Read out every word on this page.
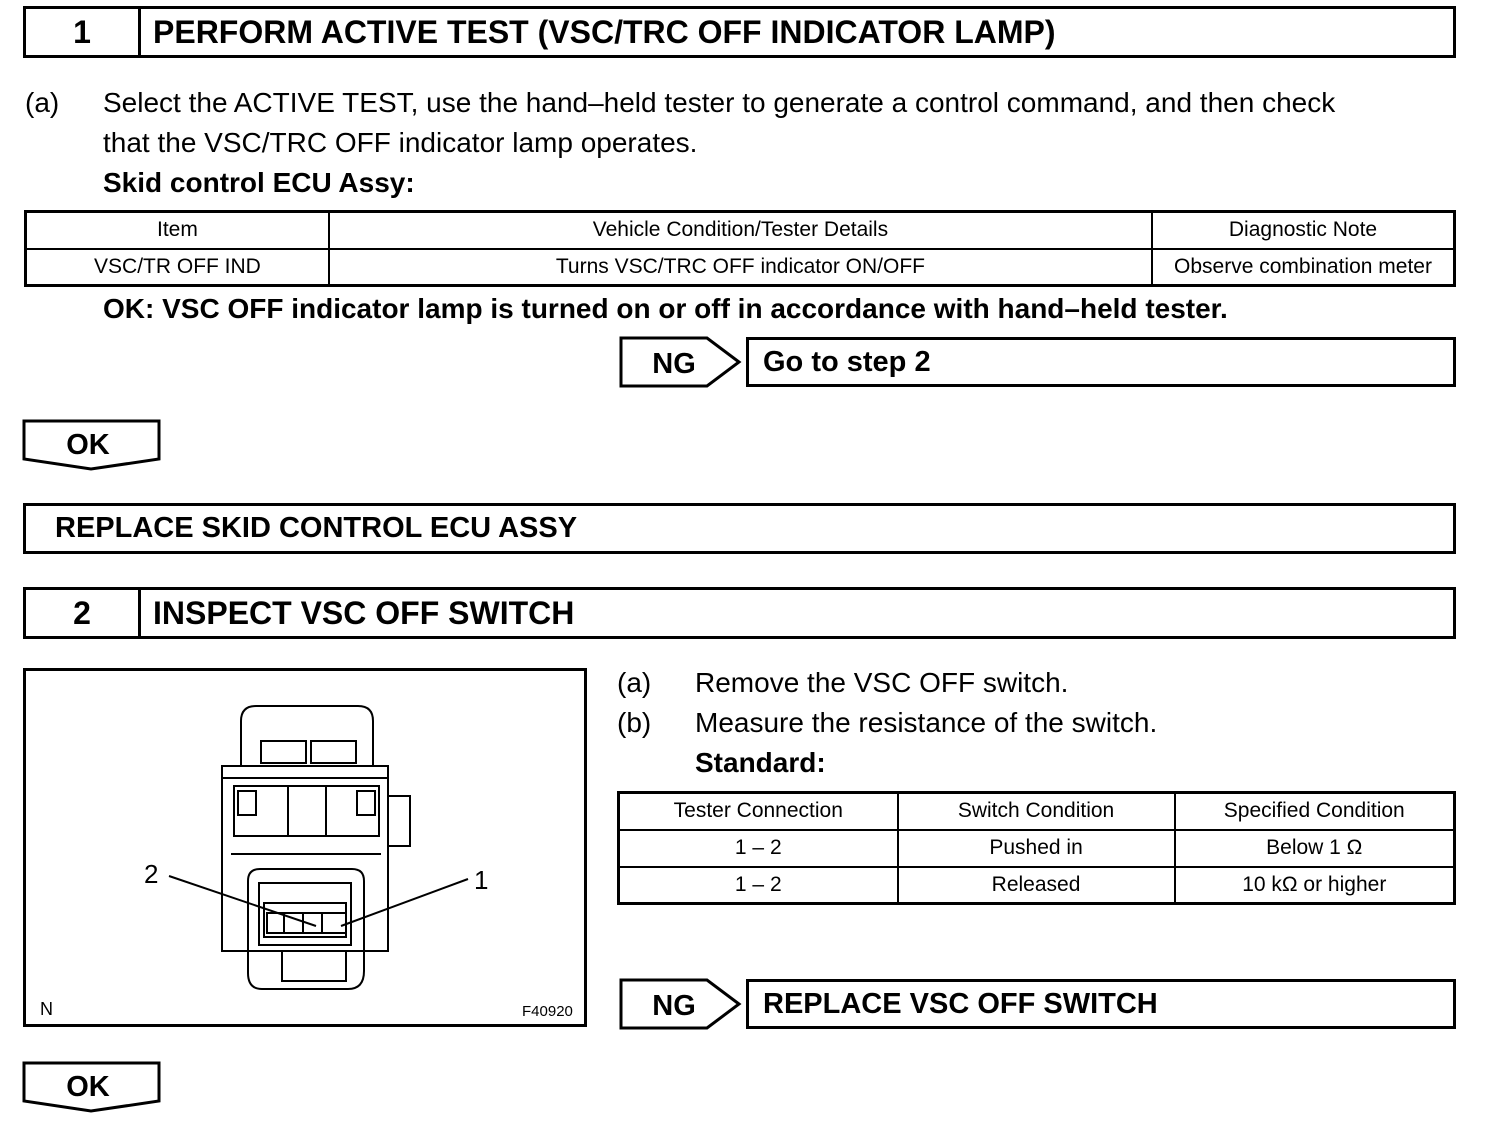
1	PERFORM ACTIVE TEST (VSC/TRC OFF INDICATOR LAMP)
(a) Select the ACTIVE TEST, use the hand–held tester to generate a control command, and then check
that the VSC/TRC OFF indicator lamp operates.
Skid control ECU Assy:
Item	Vehicle Condition/Tester Details	Diagnostic Note
VSC/TR OFF IND	Turns VSC/TRC OFF indicator ON/OFF	Observe combination meter
OK: VSC OFF indicator lamp is turned on or off in accordance with hand–held tester.
NG	Go to step 2
OK
REPLACE SKID CONTROL ECU ASSY
2	INSPECT VSC OFF SWITCH
2	1
N	F40920
(a) Remove the VSC OFF switch.
(b) Measure the resistance of the switch.
Standard:
Tester Connection	Switch Condition	Specified Condition
1 – 2	Pushed in	Below 1 Ω
1 – 2	Released	10 kΩ or higher
NG	REPLACE VSC OFF SWITCH
OK
